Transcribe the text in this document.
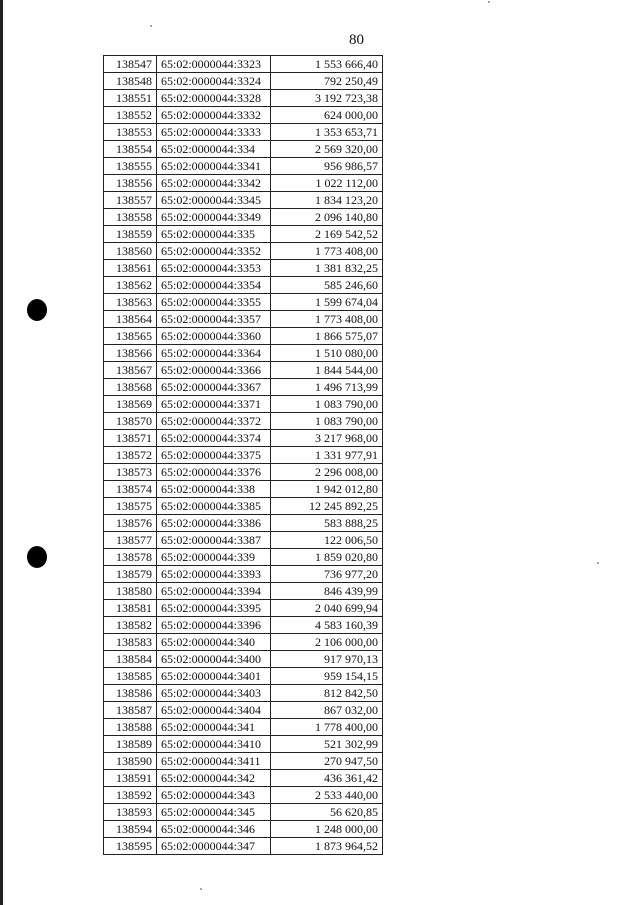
80
138547	65:02:0000044:3323	1 553 666,40
138548	65:02:0000044:3324	792 250,49
138551	65:02:0000044:3328	3 192 723,38
138552	65:02:0000044:3332	624 000,00
138553	65:02:0000044:3333	1 353 653,71
138554	65:02:0000044:334	2 569 320,00
138555	65:02:0000044:3341	956 986,57
138556	65:02:0000044:3342	1 022 112,00
138557	65:02:0000044:3345	1 834 123,20
138558	65:02:0000044:3349	2 096 140,80
138559	65:02:0000044:335	2 169 542,52
138560	65:02:0000044:3352	1 773 408,00
138561	65:02:0000044:3353	1 381 832,25
138562	65:02:0000044:3354	585 246,60
138563	65:02:0000044:3355	1 599 674,04
138564	65:02:0000044:3357	1 773 408,00
138565	65:02:0000044:3360	1 866 575,07
138566	65:02:0000044:3364	1 510 080,00
138567	65:02:0000044:3366	1 844 544,00
138568	65:02:0000044:3367	1 496 713,99
138569	65:02:0000044:3371	1 083 790,00
138570	65:02:0000044:3372	1 083 790,00
138571	65:02:0000044:3374	3 217 968,00
138572	65:02:0000044:3375	1 331 977,91
138573	65:02:0000044:3376	2 296 008,00
138574	65:02:0000044:338	1 942 012,80
138575	65:02:0000044:3385	12 245 892,25
138576	65:02:0000044:3386	583 888,25
138577	65:02:0000044:3387	122 006,50
138578	65:02:0000044:339	1 859 020,80
138579	65:02:0000044:3393	736 977,20
138580	65:02:0000044:3394	846 439,99
138581	65:02:0000044:3395	2 040 699,94
138582	65:02:0000044:3396	4 583 160,39
138583	65:02:0000044:340	2 106 000,00
138584	65:02:0000044:3400	917 970,13
138585	65:02:0000044:3401	959 154,15
138586	65:02:0000044:3403	812 842,50
138587	65:02:0000044:3404	867 032,00
138588	65:02:0000044:341	1 778 400,00
138589	65:02:0000044:3410	521 302,99
138590	65:02:0000044:3411	270 947,50
138591	65:02:0000044:342	436 361,42
138592	65:02:0000044:343	2 533 440,00
138593	65:02:0000044:345	56 620,85
138594	65:02:0000044:346	1 248 000,00
138595	65:02:0000044:347	1 873 964,52
